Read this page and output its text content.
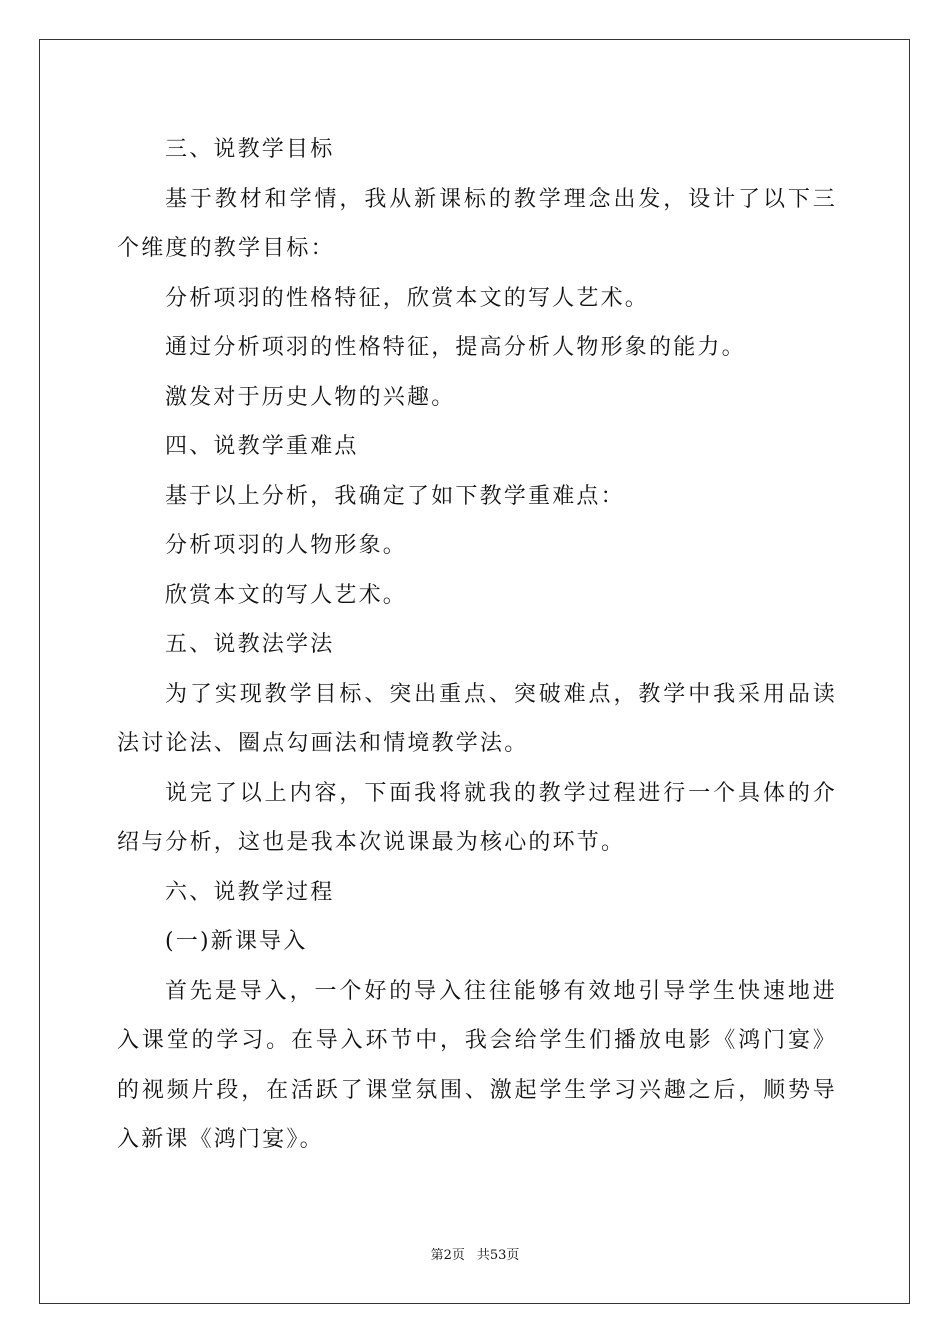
三、说教学目标

基于教材和学情，我从新课标的教学理念出发，设计了以下三个维度的教学目标：

分析项羽的性格特征，欣赏本文的写人艺术。

通过分析项羽的性格特征，提高分析人物形象的能力。

激发对于历史人物的兴趣。

四、说教学重难点

基于以上分析，我确定了如下教学重难点：

分析项羽的人物形象。

欣赏本文的写人艺术。

五、说教法学法

为了实现教学目标、突出重点、突破难点，教学中我采用品读法讨论法、圈点勾画法和情境教学法。

说完了以上内容，下面我将就我的教学过程进行一个具体的介绍与分析，这也是我本次说课最为核心的环节。

六、说教学过程

(一)新课导入

首先是导入，一个好的导入往往能够有效地引导学生快速地进入课堂的学习。在导入环节中，我会给学生们播放电影《鸿门宴》的视频片段，在活跃了课堂氛围、激起学生学习兴趣之后，顺势导入新课《鸿门宴》。

第2页 共53页
